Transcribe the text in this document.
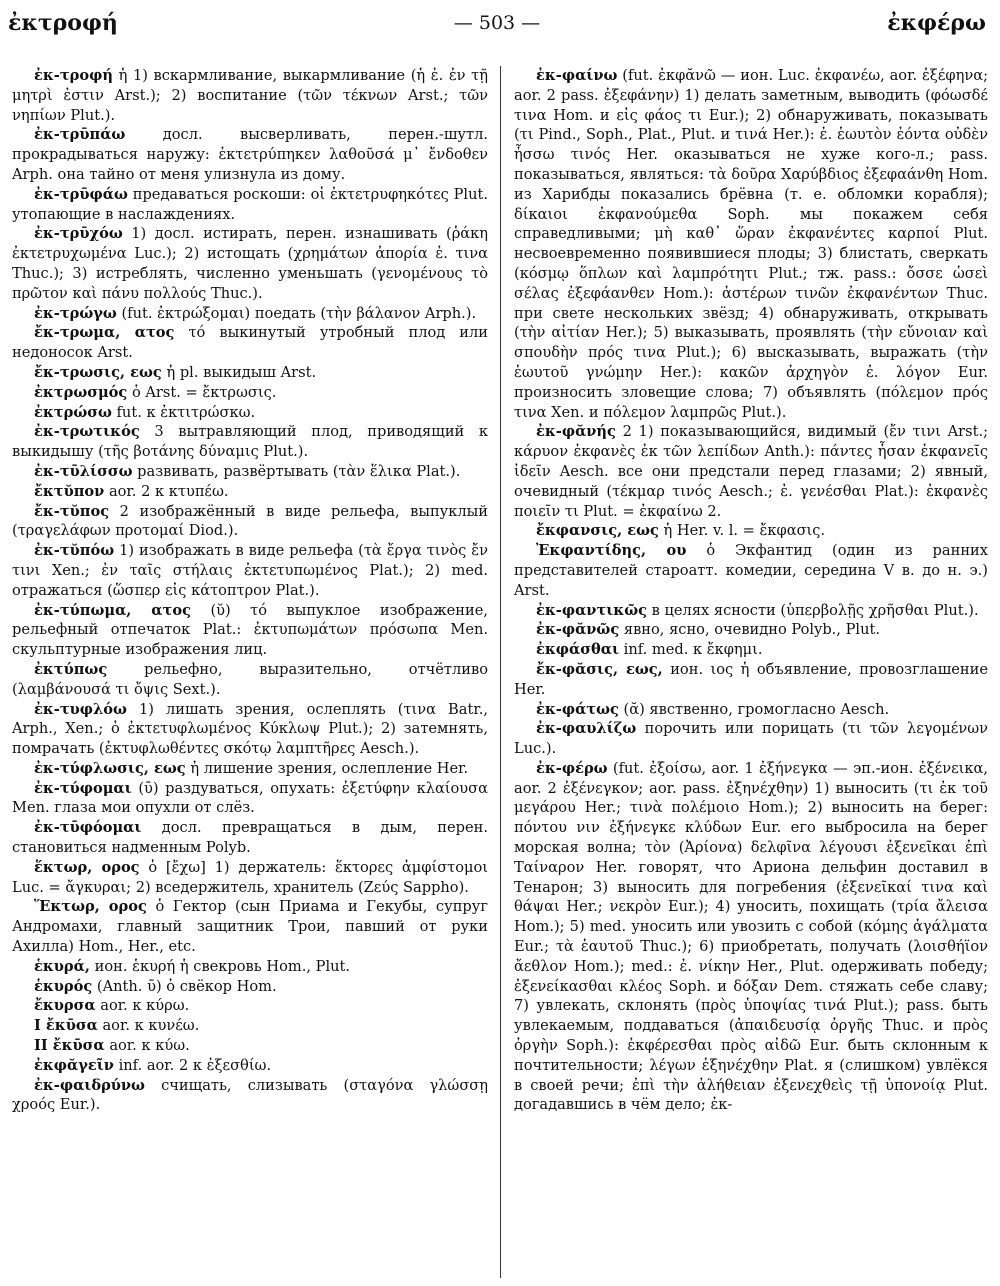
ἐκτροφή	— 503 —	ἐκφέρω

ἐκ-τροφή ἡ 1) вскармливание, выкармливание (ἡ ἐ. ἐν τῇ μητρὶ ἐστιν Arst.); 2) воспитание (τῶν τέκνων Arst.; τῶν νηπίων Plut.).

ἐκ-τρῡπάω	досл. высверливать, перен.-шутл. прокрадываться наружу: ἐκτετρύπηκεν λαθοῦσά μ᾽ ἔνδοθεν Arph. она тайно от меня улизнула из дому.

ἐκ-τρῡφάω предаваться роскоши: οἱ ἐκτετρυφηκότες Plut. утопающие в наслаждениях.

ἐκ-τρῡχόω 1) досл. истирать, перен. изнашивать (ῥάκη ἐκτετρυχωμένα Luc.); 2) истощать (χρημάτων ἀπορία ἐ. τινα Thuc.); 3) истреблять, численно уменьшать (γενομένους τὸ πρῶτον καὶ πάνυ πολλούς Thuc.).

ἐκ-τρώγω (fut. ἐκτρώξομαι) поедать (τὴν βάλανον Arph.).

ἔκ-τρωμα, ατος τό выкинутый утробный плод или недоносок Arst.

ἔκ-τρωσις, εως ἡ pl. выкидыш Arst.

ἐκτρωσμός ὁ Arst. = ἔκτρωσις.

ἐκτρώσω fut. к ἐκτιτρώσκω.

ἐκ-τρωτικός 3 вытравляющий плод, приводящий к выкидышу (τῆς βοτάνης δύναμις Plut.).

ἐκ-τῡλίσσω развивать, развёртывать (τὰν ἕλικα Plat.).

ἔκτῠπον aor. 2 к κτυπέω.

ἔκ-τῠπος 2 изображённый в виде рельефа, выпуклый (τραγελάφων προτομαί Diod.).

ἐκ-τῠπόω 1) изображать в виде рельефа (τὰ ἔργα τινὸς ἔν τινι Xen.; ἐν ταῖς στήλαις ἐκτετυπωμένος Plat.); 2) med. отражаться (ὥσπερ εἰς κάτοπτρον Plat.).

ἐκ-τύπωμα, ατος (ῠ) τό выпуклое изображение, рельефный отпечаток Plat.: ἐκτυπωμάτων πρόσωπα Men. скульптурные изображения лиц.

ἐκτύπως	рельефно, выразительно, отчётливо (λαμβάνουσά τι ὄψις Sext.).

ἐκ-τυφλόω 1) лишать зрения, ослеплять (τινα Batr., Arph., Xen.; ὁ ἐκτετυφλωμένος Κύκλωψ Plut.); 2) затемнять, помрачать (ἐκτυφλωθέντες σκότῳ λαμπτῆρες Aesch.).

ἐκ-τύφλωσις, εως ἡ лишение зрения, ослепление Her.

ἐκ-τύφομαι (ῡ) раздуваться, опухать: ἐξετύφην κλαίουσα Men. глаза мои опухли от слёз.

ἐκ-τῡφόομαι досл. превращаться в дым, перен. становиться надменным Polyb.

ἕκτωρ, ορος ὁ [ἔχω] 1) держатель: ἕκτορες ἀμφίστομοι Luc. = ἄγκυραι; 2) вседержитель, хранитель (Ζεύς Sappho).

Ἕκτωρ, ορος ὁ Гектор (сын Приама и Гекубы, супруг Андромахи, главный защитник Трои, павший от руки Ахилла) Hom., Her., etc.

ἑκυρά, ион. ἑκυρή ἡ свекровь Hom., Plut.

ἑκυρός (Anth. ῡ) ὁ свёкор Hom.

ἔκυρσα aor. к κύρω.

I ἔκῡσα aor. к κυνέω.

II ἔκῡσα aor. к κύω.

ἐκφᾰγεῖν inf. aor. 2 к ἐξεσθίω.

ἐκ-φαιδρύνω счищать, слизывать (σταγόνα γλώσσῃ χροός Eur.).

ἐκ-φαίνω (fut. ἐκφᾰνῶ — ион. Luc. ἐκφανέω, aor. ἐξέφηνα; aor. 2 pass. ἐξεφάνην) 1) делать заметным, выводить (φόωσδέ τινα Hom. и εἰς φάος τι Eur.); 2) обнаруживать, показывать (τι Pind., Soph., Plat., Plut. и τινά Her.): ἐ. ἑωυτὸν ἐόντα οὐδὲν ἧσσω τινός Her. оказываться не хуже кого-л.; pass. показываться, являться: τὰ δοῦρα Χαρύβδιος ἐξεφαάνθη Hom. из Харибды показались брёвна (т. е. обломки корабля); δίκαιοι ἐκφανούμεθα Soph. мы покажем себя справедливыми; μὴ καθ᾽ ὥραν ἐκφανέντες καρποί Plut. несвоевременно появившиеся плоды; 3) блистать, сверкать (κόσμῳ ὅπλων καὶ λαμπρότητι Plut.; тж. pass.: ὄσσε ὡσεὶ σέλας ἐξεφάανθεν Hom.): ἀστέρων τινῶν ἐκφανέντων Thuc. при свете нескольких звёзд; 4) обнаруживать, открывать (τὴν αἰτίαν Her.); 5) выказывать, проявлять (τὴν εὔνοιαν καὶ σπουδὴν πρός τινα Plut.); 6) высказывать, выражать (τὴν ἑωυτοῦ γνώμην Her.): κακῶν ἀρχηγὸν ἐ. λόγον Eur. произносить зловещие слова; 7) объявлять (πόλεμον πρός τινα Xen. и πόλεμον λαμπρῶς Plut.).

ἐκ-φᾰνής 2 1) показывающийся, видимый (ἔν τινι Arst.; κάρυον ἐκφανὲς ἐκ τῶν λεπίδων Anth.): πάντες ἦσαν ἐκφανεῖς ἰδεῖν Aesch. все они предстали перед глазами; 2) явный, очевидный (τέκμαρ τινός Aesch.; ἐ. γενέσθαι Plat.): ἐκφανὲς ποιεῖν τι Plut. = ἐκφαίνω 2.

ἔκφανσις, εως ἡ Her. v. l. = ἔκφασις.

Ἐκφαντίδης, ου ὁ Экфантид (один из ранних представителей староатт. комедии, середина V в. до н. э.) Arst.

ἐκ-φαντικῶς в целях ясности (ὑπερβολῇς χρῆσθαι Plut.).

ἐκ-φᾰνῶς явно, ясно, очевидно Polyb., Plut.

ἐκφάσθαι inf. med. к ἔκφημι.

ἔκ-φᾰσις, εως, ион. ιος ἡ объявление, провозглашение Her.

ἐκ-φάτως (ᾰ) явственно, громогласно Aesch.

ἐκ-φαυλίζω порочить или порицать (τι τῶν λεγομένων Luc.).

ἐκ-φέρω (fut. ἐξοίσω, aor. 1 ἐξήνεγκα — эп.-ион. ἐξένεικα, aor. 2 ἐξένεγκον; aor. pass. ἐξηνέχθην) 1) выносить (τι ἐκ τοῦ μεγάρου Her.; τινὰ πολέμοιο Hom.); 2) выносить на берег: πόντου νιν ἐξήνεγκε κλύδων Eur. его выбросила на берег морская волна; τὸν (Ἀρίονα) δελφῖνα λέγουσι ἐξενεῖκαι ἐπὶ Ταίναρον Her. говорят, что Ариона дельфин доставил в Тенарон; 3) выносить для погребения (ἐξενεῖκαί τινα καὶ θάψαι Her.; νεκρὸν Eur.); 4) уносить, похищать (τρία ἄλεισα Hom.); 5) med. уносить или увозить с собой (κόμης ἀγάλματα Eur.; τὰ ἑαυτοῦ Thuc.); 6) приобретать, получать (λοισθήϊον ἄεθλον Hom.); med.: ἐ. νίκην Her., Plut. одерживать победу; ἐξενείκασθαι κλέος Soph. и δόξαν Dem. стяжать себе славу; 7) увлекать, склонять (πρὸς ὑποψίας τινά Plut.); pass. быть увлекаемым, поддаваться (ἀπαιδευσίᾳ ὀργῆς Thuc. и πρὸς ὀργὴν Soph.): ἐκφέρεσθαι πρὸς αἰδῶ Eur. быть склонным к почтительности; λέγων ἐξηνέχθην Plat. я (слишком) увлёкся в своей речи; ἐπὶ τὴν ἀλήθειαν ἐξενεχθεὶς τῇ ὑπονοίᾳ Plut. догадавшись в чём дело; ἐκ-
